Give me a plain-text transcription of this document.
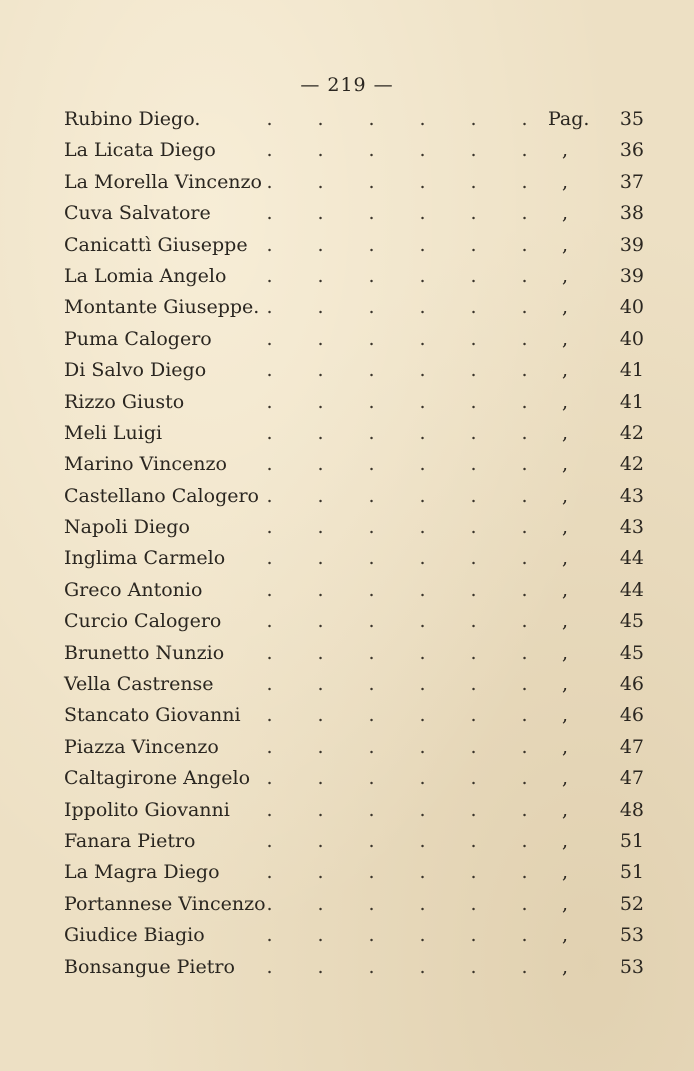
— 219 —
Rubino Diego.	. . . . . .	Pag.	35
La Licata Diego	. . . . . .	,	36
La Morella Vincenzo . . . . . .	,	37
Cuva Salvatore	. . . . . .	,	38
Canicattì Giuseppe . . . . . .	,	39
La Lomia Angelo	. . . . . .	,	39
Montante Giuseppe. . . . . . .	,	40
Puma Calogero	. . . . . .	,	40
Di Salvo Diego	. . . . . .	,	41
Rizzo Giusto	. . . . . .	,	41
Meli Luigi	. . . . . .	,	42
Marino Vincenzo	. . . . . .	,	42
Castellano Calogero . . . . . .	,	43
Napoli Diego	. . . . . .	,	43
Inglima Carmelo	. . . . . .	,	44
Greco Antonio	. . . . . .	,	44
Curcio Calogero	. . . . . .	,	45
Brunetto Nunzio	. . . . . .	,	45
Vella Castrense	. . . . . .	,	46
Stancato Giovanni	. . . . . .	,	46
Piazza Vincenzo	. . . . . .	,	47
Caltagirone Angelo . . . . . .	,	47
Ippolito Giovanni	. . . . . .	,	48
Fanara Pietro	. . . . . .	,	51
La Magra Diego	. . . . . .	,	51
Portannese Vincenzo . . . . . .	,	52
Giudice Biagio	. . . . . .	,	53
Bonsangue Pietro	. . . . . .	,	53
